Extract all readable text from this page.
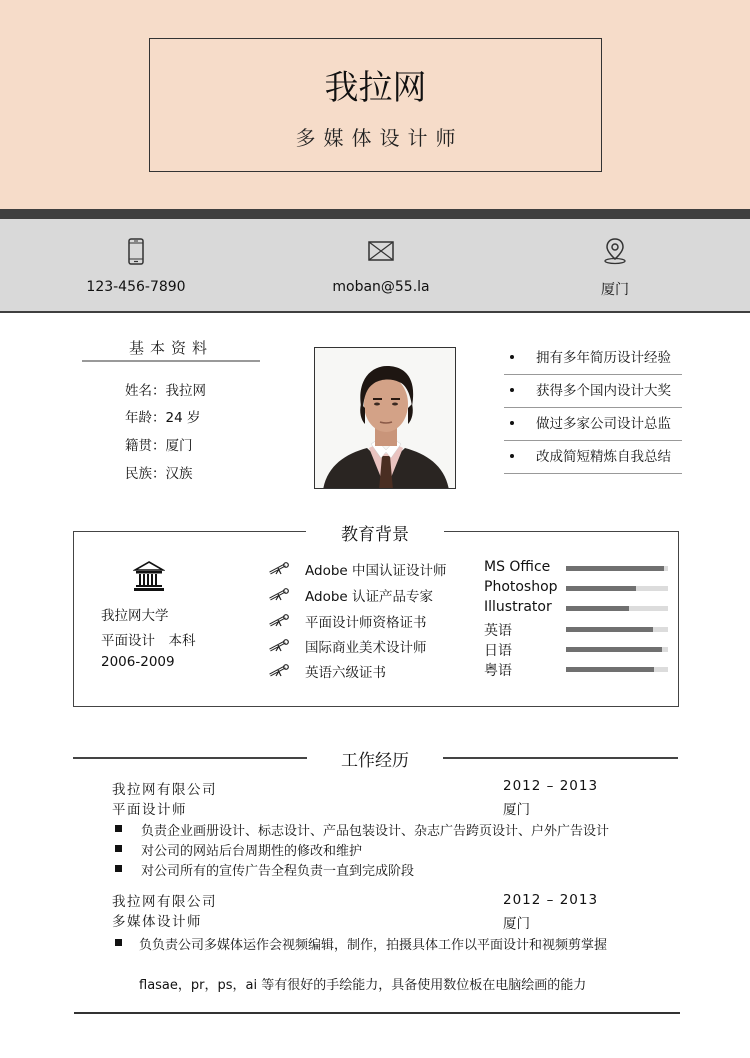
我拉网
多媒体设计师
123-456-7890	moban@55.la	厦门
基本资料
姓名：我拉网
年龄：24 岁
籍贯：厦门
民族：汉族
拥有多年简历设计经验
获得多个国内设计大奖
做过多家公司设计总监
改成简短精炼自我总结
教育背景
我拉网大学
平面设计　本科
2006-2009
Adobe 中国认证设计师
Adobe 认证产品专家
平面设计师资格证书
国际商业美术设计师
英语六级证书
MS Office
Photoshop
Illustrator
英语
日语
粤语
工作经历
我拉网有限公司	2012 – 2013
平面设计师	厦门
负责企业画册设计、标志设计、产品包装设计、杂志广告跨页设计、户外广告设计
对公司的网站后台周期性的修改和维护
对公司所有的宣传广告全程负责一直到完成阶段
我拉网有限公司	2012 – 2013
多媒体设计师	厦门
负负责公司多媒体运作会视频编辑，制作，拍摄具体工作以平面设计和视频剪掌握
flasae，pr，ps，ai 等有很好的手绘能力，具备使用数位板在电脑绘画的能力
